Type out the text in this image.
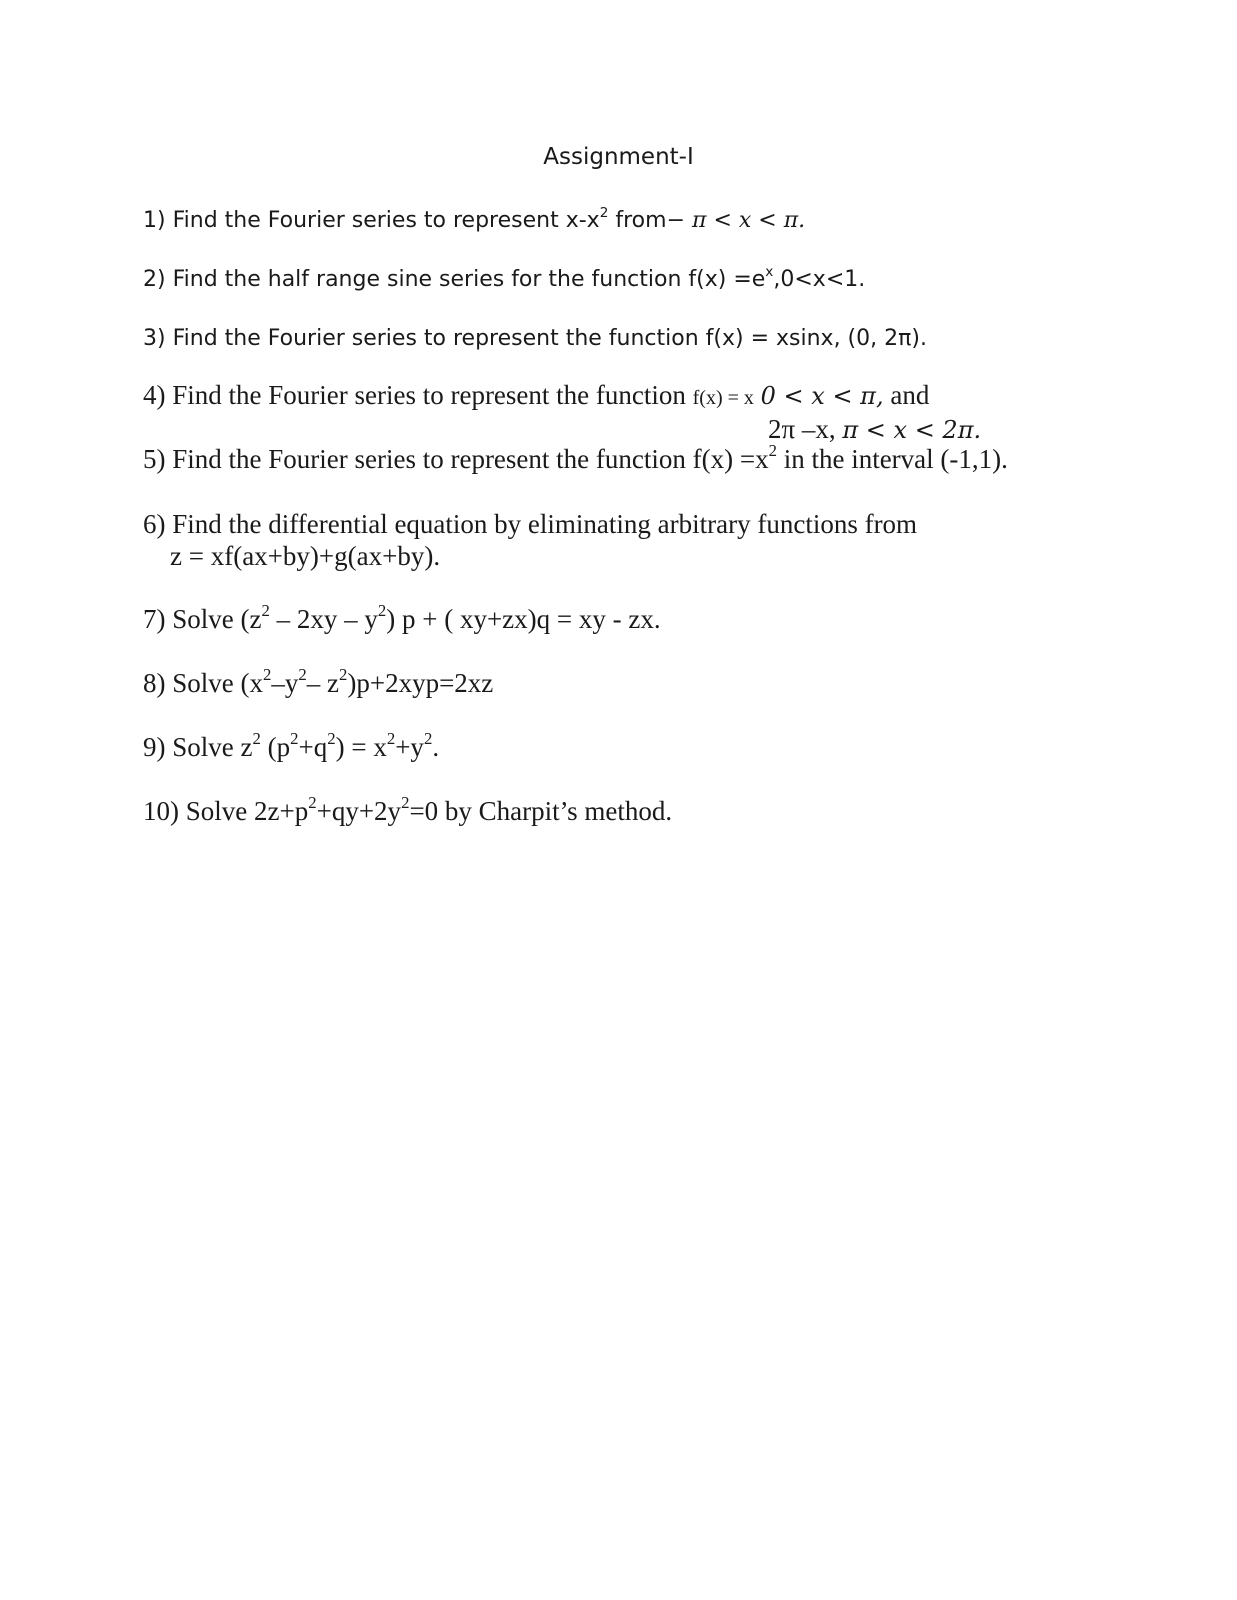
Assignment-I
1) Find the Fourier series to represent $x-x^2$ from− π < x < π.
2) Find the half range sine series for the function $f(x) =e^x,0<x<1$.
3) Find the Fourier series to represent the function f(x) = xsinx, (0, 2π).
4) Find the Fourier series to represent the function f(x) = x 0 < x < π, and
2π –x, π < x < 2π.
5) Find the Fourier series to represent the function $f(x) =x^2$ in the interval (-1,1).
6) Find the differential equation by eliminating arbitrary functions from
z = xf(ax+by)+g(ax+by).
7) Solve $(z^2 - 2xy - y^2) p$ + ( xy+zx)q = xy - zx.
8) Solve ($x^2-y^2-$ $z^2)p+2xyp=2xz$
9) Solve $z^2$ $(p^2+q^2) = x^2+y^2$.
10) Solve $2z+p^2+qy+2y^2=0$ by Charpit’s method.
